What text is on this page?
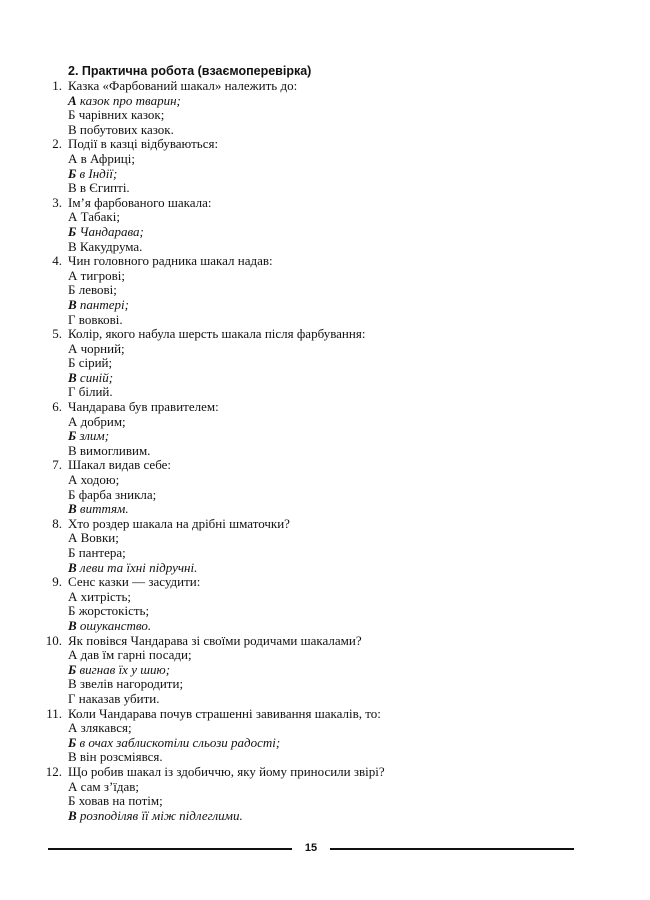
2. Практична робота (взаємоперевірка)
1. Казка «Фарбований шакал» належить до:
А казок про тварин;
Б чарівних казок;
В побутових казок.
2. Події в казці відбуваються:
А в Африці;
Б в Індії;
В в Єгипті.
3. Ім’я фарбованого шакала:
А Табакі;
Б Чандарава;
В Какудрума.
4. Чин головного радника шакал надав:
А тигрові;
Б левові;
В пантері;
Г вовкові.
5. Колір, якого набула шерсть шакала після фарбування:
А чорний;
Б сірий;
В синій;
Г білий.
6. Чандарава був правителем:
А добрим;
Б злим;
В вимогливим.
7. Шакал видав себе:
А ходою;
Б фарба зникла;
В виттям.
8. Хто роздер шакала на дрібні шматочки?
А Вовки;
Б пантера;
В леви та їхні підручні.
9. Сенс казки — засудити:
А хитрість;
Б жорстокість;
В ошуканство.
10. Як повівся Чандарава зі своїми родичами шакалами?
А дав їм гарні посади;
Б вигнав їх у шию;
В звелів нагородити;
Г наказав убити.
11. Коли Чандарава почув страшенні завивання шакалів, то:
А злякався;
Б в очах заблискотіли сльози радості;
В він розсміявся.
12. Що робив шакал із здобиччю, яку йому приносили звірі?
А сам з’їдав;
Б ховав на потім;
В розподіляв її між підлеглими.
15
